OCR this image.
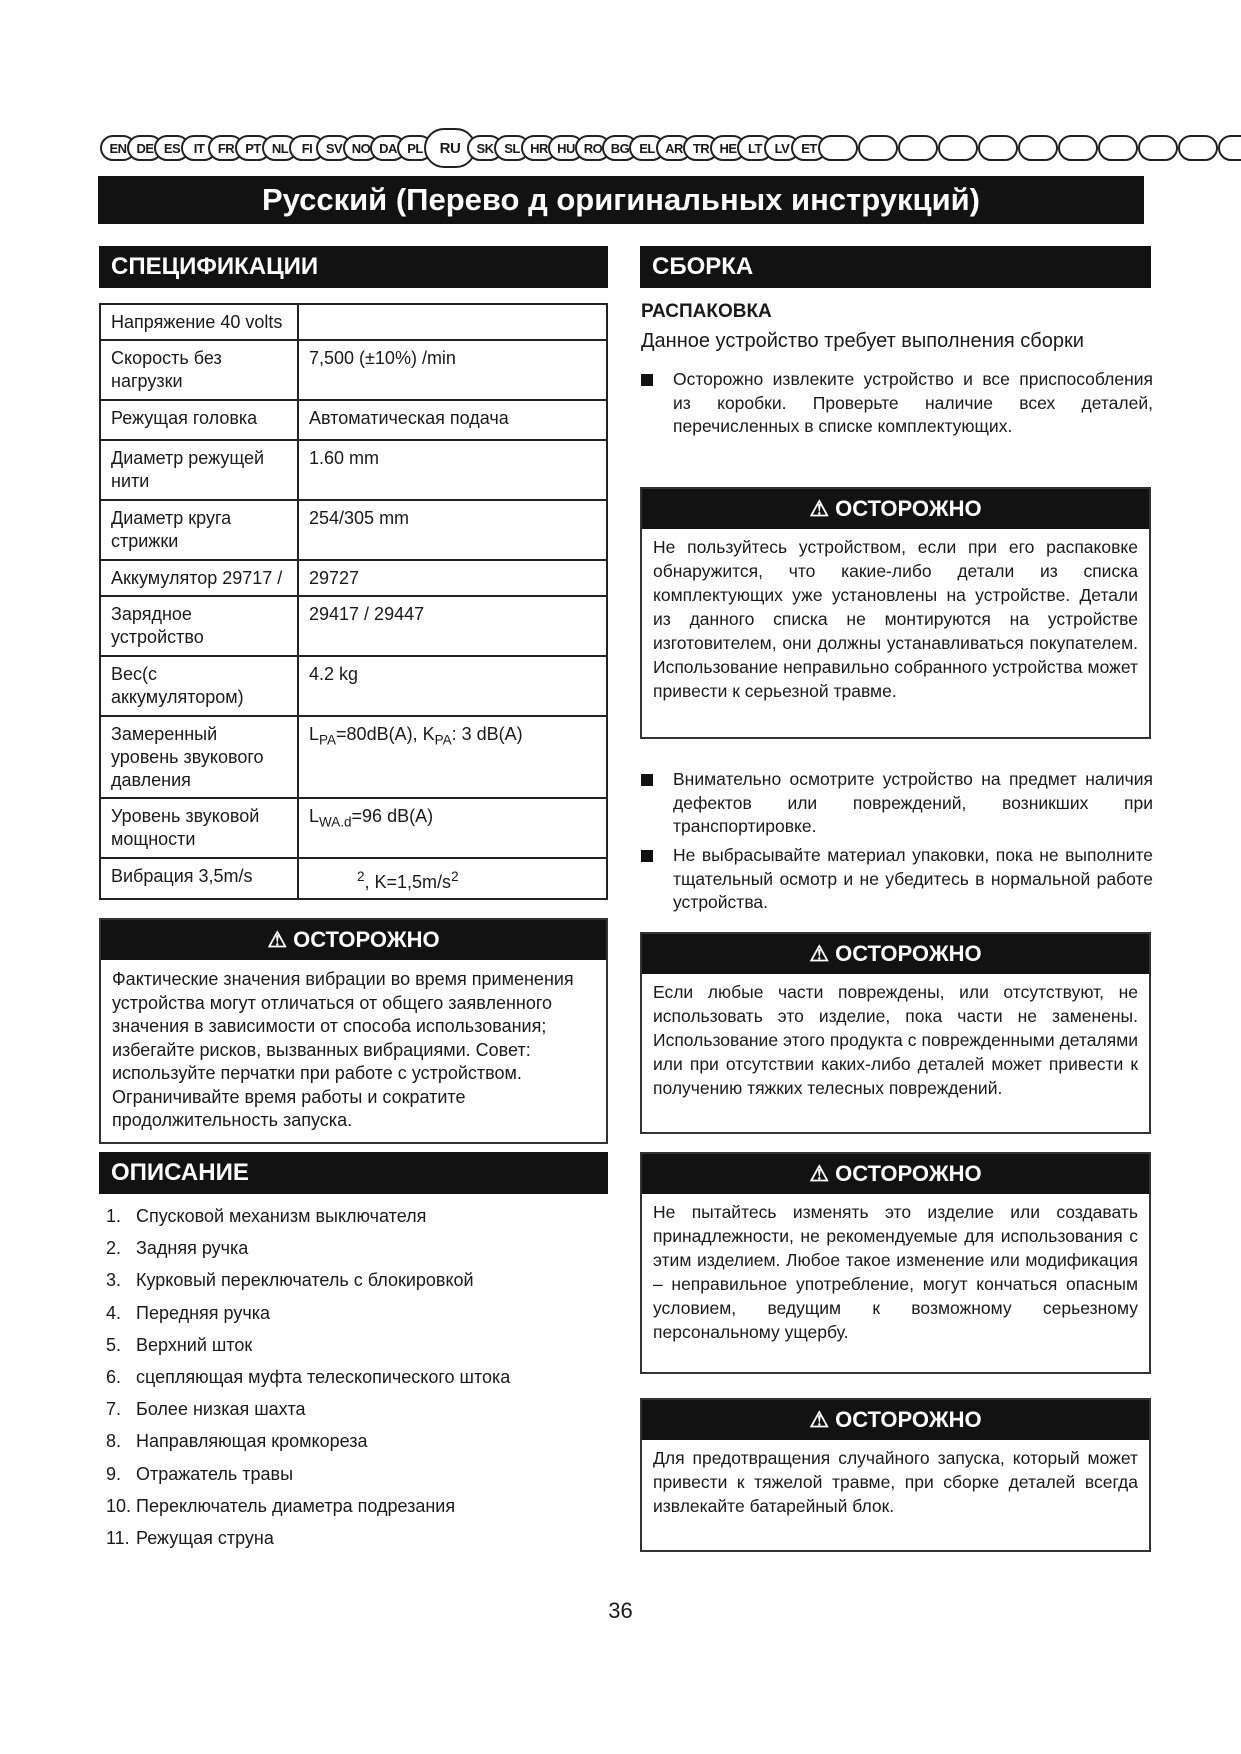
EN DE ES	IT	FR PT NL	FI	SV NO DA PL	RU	SK SL HR HU RO BG EL AR TR HE LT LV ET
Русский (Перево д оригинальных инструкций)
СПЕЦИФИКАЦИИ
Напряжение 40 volts	
Скорость без нагрузки	7,500 (±10%) /min
Режущая головка	Автоматическая подача
Диаметр режущей нити	1.60 mm
Диаметр круга стрижки	254/305 mm
Аккумулятор 29717 /	29727
Зарядное устройство	29417 / 29447
Вес(с аккумулятором)	4.2 kg
Замеренный уровень звукового давления	$L_{PA}=80dB(A)$, $K_{PA}$: 3 dB(A)
Уровень звуковой мощности	$L_{WA.d}=96$ dB(A)
Вибрация 3,5m/s	$^2$, $K=1,5m/s^2$
⚠ ОСТОРОЖНО
Фактические значения вибрации во время применения устройства могут отличаться от общего заявленного значения в зависимости от способа использования; избегайте рисков, вызванных вибрациями. Совет: используйте перчатки при работе с устройством. Ограничивайте время работы и сократите продолжительность запуска.
ОПИСАНИЕ
1. Спусковой механизм выключателя
2. Задняя ручка
3. Курковый переключатель с блокировкой
4. Передняя ручка
5. Верхний шток
6. сцепляющая муфта телескопического штока
7. Более низкая шахта
8. Направляющая кромкореза
9. Отражатель травы
10. Переключатель диаметра подрезания
11. Режущая струна
СБОРКА
РАСПАКОВКА
Данное устройство требует выполнения сборки
Осторожно извлеките устройство и все приспособления из коробки. Проверьте наличие всех деталей, перечисленных в списке комплектующих.
⚠ ОСТОРОЖНО
Не пользуйтесь устройством, если при его распаковке обнаружится, что какие-либо детали из списка комплектующих уже установлены на устройстве. Детали из данного списка не монтируются на устройстве изготовителем, они должны устанавливаться покупателем. Использование неправильно собранного устройства может привести к серьезной травме.
Внимательно осмотрите устройство на предмет наличия дефектов или повреждений, возникших при транспортировке.
Не выбрасывайте материал упаковки, пока не выполните тщательный осмотр и не убедитесь в нормальной работе устройства.
⚠ ОСТОРОЖНО
Если любые части повреждены, или отсутствуют, не использовать это изделие, пока части не заменены. Использование этого продукта с поврежденными деталями или при отсутствии каких-либо деталей может привести к получению тяжких телесных повреждений.
⚠ ОСТОРОЖНО
Не пытайтесь изменять это изделие или создавать принадлежности, не рекомендуемые для использования с этим изделием. Любое такое изменение или модификация – неправильное употребление, могут кончаться опасным условием, ведущим к возможному серьезному персональному ущербу.
⚠ ОСТОРОЖНО
Для предотвращения случайного запуска, который может привести к тяжелой травме, при сборке деталей всегда извлекайте батарейный блок.
36
